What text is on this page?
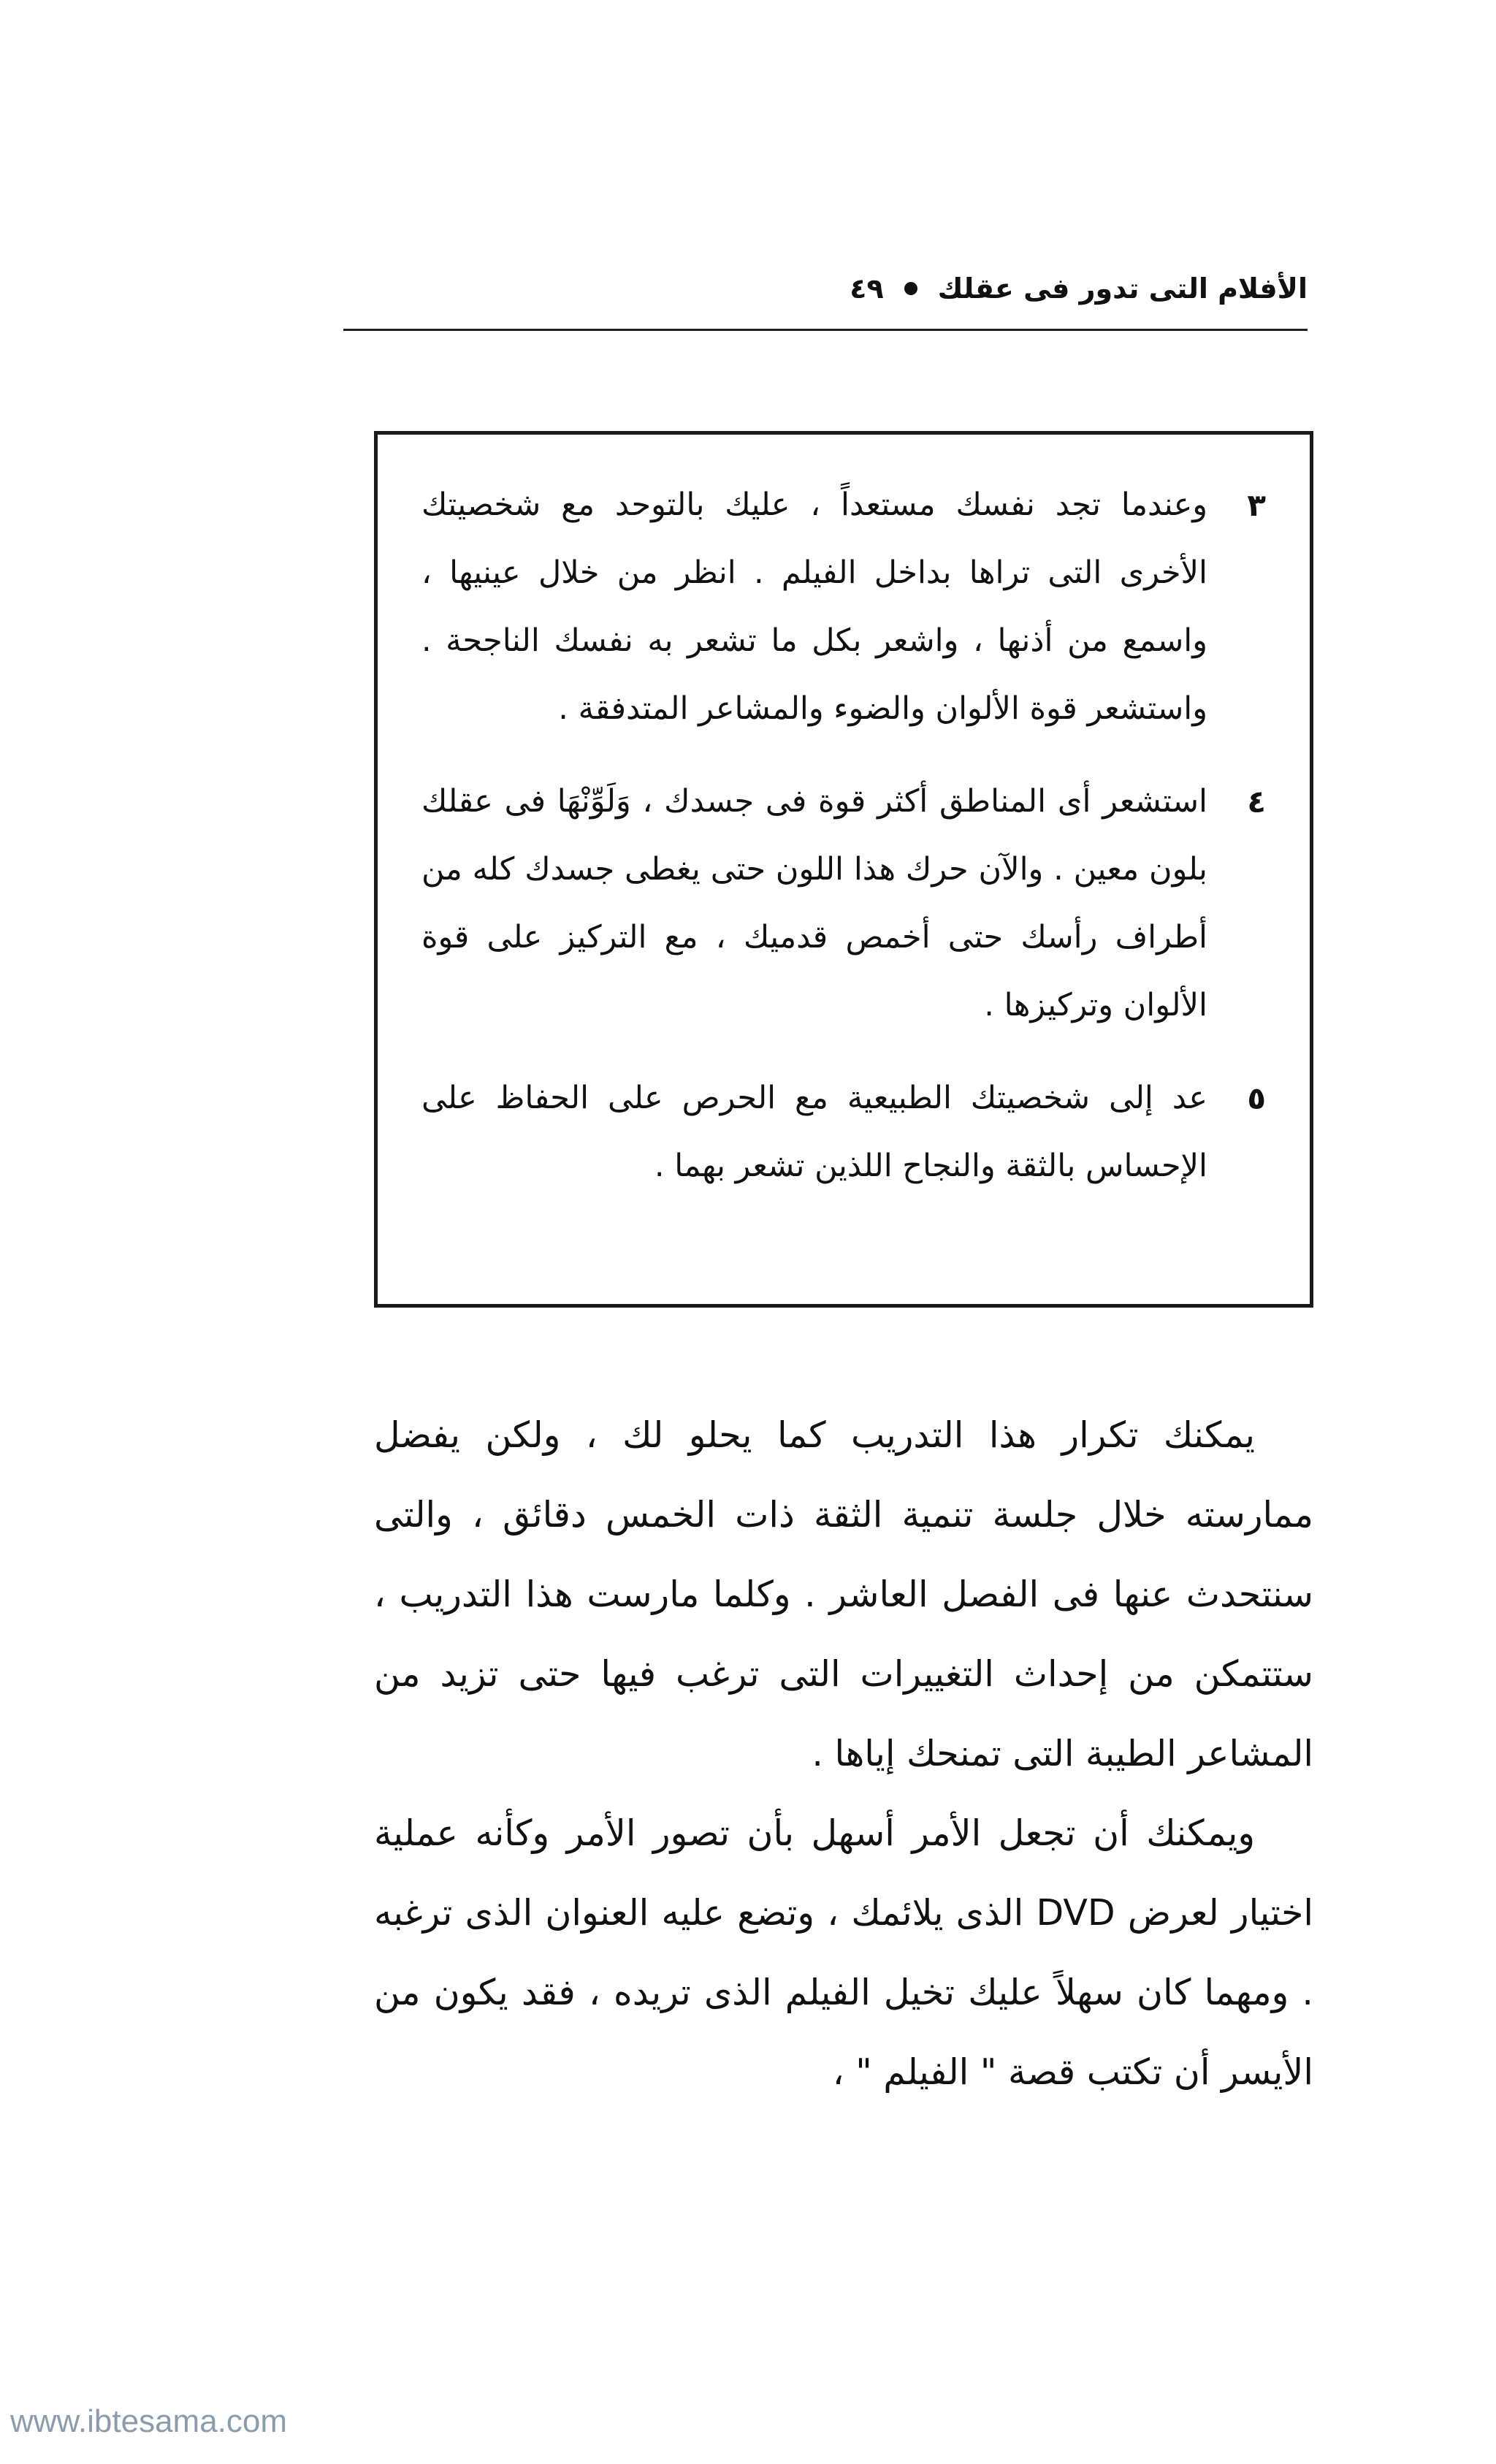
الأفلام التى تدور فى عقلك
٤٩
٣
وعندما تجد نفسك مستعداً ، عليك بالتوحد مع شخصيتك الأخرى التى تراها بداخل الفيلم . انظر من خلال عينيها ، واسمع من أذنها ، واشعر بكل ما تشعر به نفسك الناجحة . واستشعر قوة الألوان والضوء والمشاعر المتدفقة .
٤
استشعر أى المناطق أكثر قوة فى جسدك ، وَلَوِّنْهَا فى عقلك بلون معين . والآن حرك هذا اللون حتى يغطى جسدك كله من أطراف رأسك حتى أخمص قدميك ، مع التركيز على قوة الألوان وتركيزها .
٥
عد إلى شخصيتك الطبيعية مع الحرص على الحفاظ على الإحساس بالثقة والنجاح اللذين تشعر بهما .

يمكنك تكرار هذا التدريب كما يحلو لك ، ولكن يفضل ممارسته خلال جلسة تنمية الثقة ذات الخمس دقائق ، والتى سنتحدث عنها فى الفصل العاشر . وكلما مارست هذا التدريب ، ستتمكن من إحداث التغييرات التى ترغب فيها حتى تزيد من المشاعر الطيبة التى تمنحك إياها .

ويمكنك أن تجعل الأمر أسهل بأن تصور الأمر وكأنه عملية اختيار لعرض DVD الذى يلائمك ، وتضع عليه العنوان الذى ترغبه . ومهما كان سهلاً عليك تخيل الفيلم الذى تريده ، فقد يكون من الأيسر أن تكتب قصة " الفيلم " ،

www.ibtesama.com
